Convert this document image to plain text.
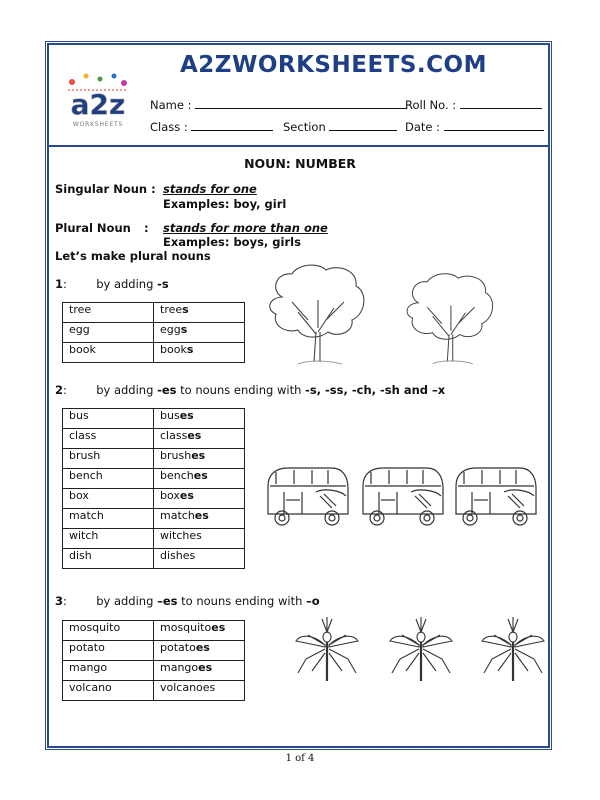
A2ZWORKSHEETS.COM
a2z
WORKSHEETS
Name :	Roll No. :
Class :	Section	Date :
NOUN: NUMBER
Singular Noun : stands for one
Examples: boy, girl
Plural Noun : stands for more than one
Examples: boys, girls
Let’s make plural nouns
1:	by adding -s
tree	trees
egg	eggs
book	books
2:	by adding -es to nouns ending with -s, -ss, -ch, -sh and –x
bus	buses
class	classes
brush	brushes
bench	benches
box	boxes
match	matches
witch	witches
dish	dishes
3:	by adding –es to nouns ending with –o
mosquito	mosquitoes
potato	potatoes
mango	mangoes
volcano	volcanoes
1 of 4
